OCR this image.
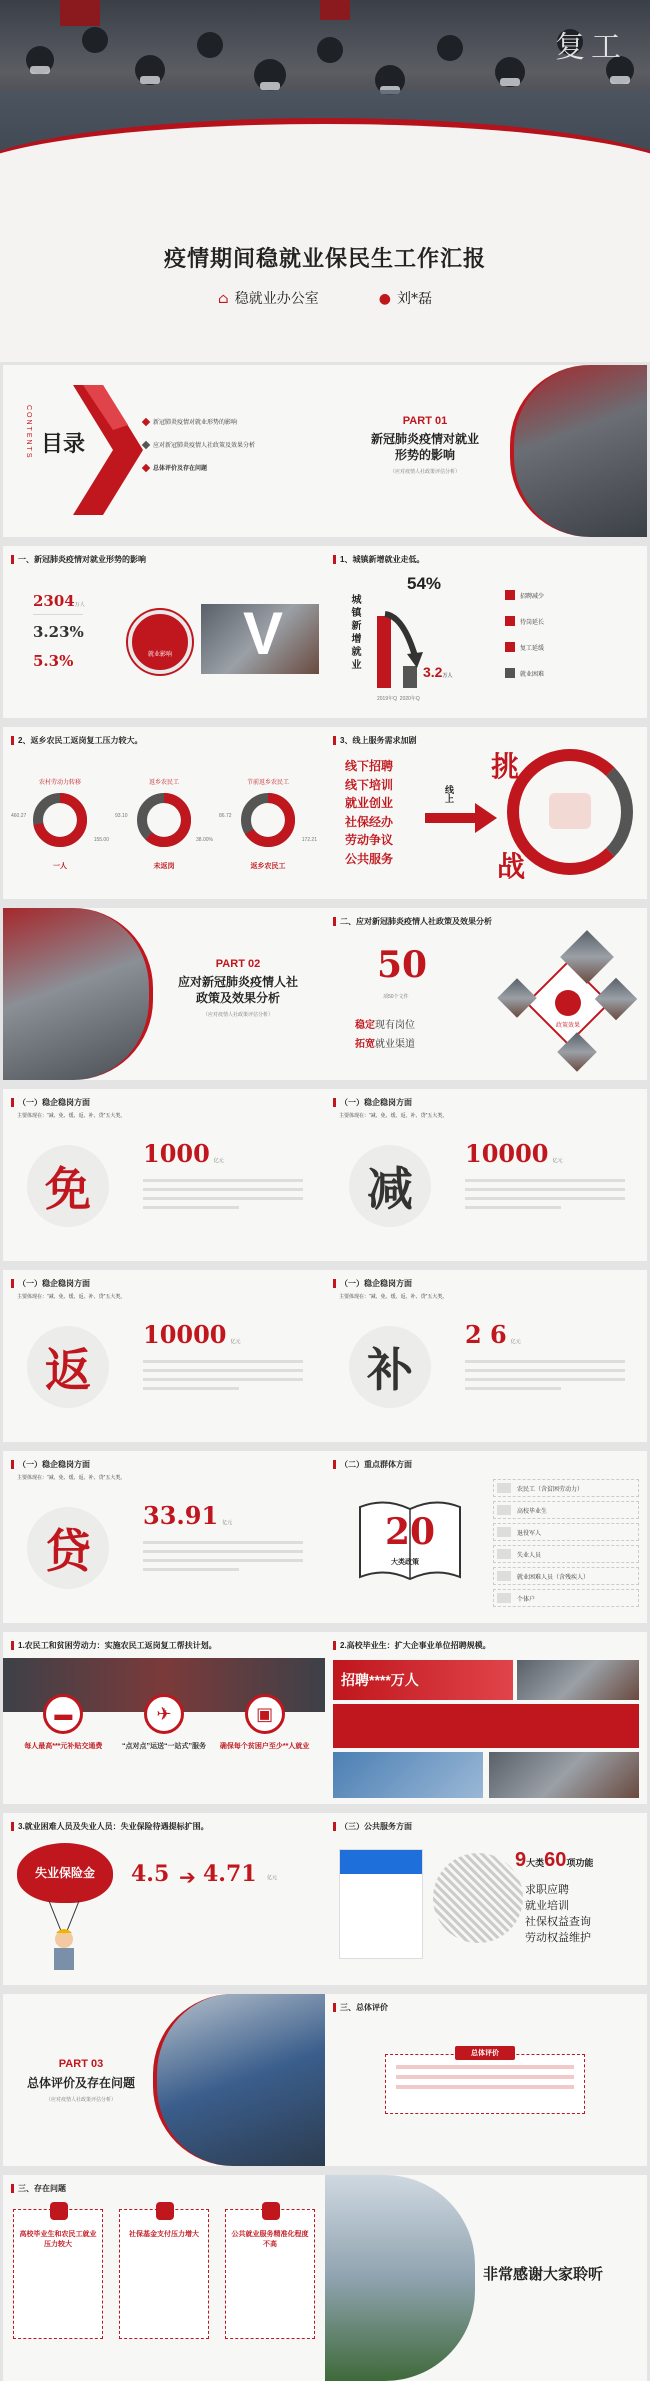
复工
疫情期间稳就业保民生工作汇报
⌂ 稳就业办公室	● 刘*磊
CONTENTS 目录
新冠肺炎疫情对就业形势的影响
应对新冠肺炎疫情人社政策及效果分析
总体评价及存在问题
PART 01
新冠肺炎疫情对就业形势的影响
（应对疫情人社政策评估分析）
一、新冠肺炎疫情对就业形势的影响
2304万人
3.23%
5.3%	就业影响 V
1、城镇新增就业走低。
城镇新增就业
54%
3.2万人
2019年Q 2020年Q
招聘减少
待岗延长
复工延缓
就业困难
2、返乡农民工返岗复工压力较大。
农村劳动力转移
460.27
155.00
一人
返乡农民工
93.10
38.00%
未返岗
节前返乡农民工
86.72
172.21
返乡农民工
3、线上服务需求加剧
线下招聘
线下培训
就业创业
社保经办
劳动争议
公共服务
线上
挑
战
PART 02
应对新冠肺炎疫情人社政策及效果分析
（应对疫情人社政策评估分析）
二、应对新冠肺炎疫情人社政策及效果分析
50
项50个文件
稳定现有岗位
拓宽就业渠道
政策效果
（一）稳企稳岗方面
主要体现在：“减、免、缓、返、补、贷”五大类。
免
1000 亿元
（一）稳企稳岗方面
主要体现在：“减、免、缓、返、补、贷”五大类。
减
10000 亿元
（一）稳企稳岗方面
主要体现在：“减、免、缓、返、补、贷”五大类。
返
10000 亿元
（一）稳企稳岗方面
主要体现在：“减、免、缓、返、补、贷”五大类。
补
2 6 亿元
（一）稳企稳岗方面
主要体现在：“减、免、缓、返、补、贷”五大类。
贷
33.91 亿元
（二）重点群体方面
20
大类政策
农民工（含贫困劳动力）
高校毕业生
退役军人
失业人员
就业困难人员（含残疾人）
个体户
1.农民工和贫困劳动力：实施农民工返岗复工帮扶计划。
▬
每人最高***元补贴交通费
✈
“点对点”运送“一站式”服务
▣
确保每个贫困户至少**人就业
2.高校毕业生：扩大企事业单位招聘规模。
招聘****万人
3.就业困难人员及失业人员：失业保险待遇提标扩围。
失业保险金	4.5 ➔ 4.71 亿元
（三）公共服务方面
9大类60项功能
求职应聘
就业培训
社保权益查询
劳动权益维护
PART 03
总体评价及存在问题
（应对疫情人社政策评估分析）
三、总体评价
总体评价
三、存在问题
高校毕业生和农民工就业压力较大
社保基金支付压力增大	公共就业服务精准化程度不高
非常感谢大家聆听
